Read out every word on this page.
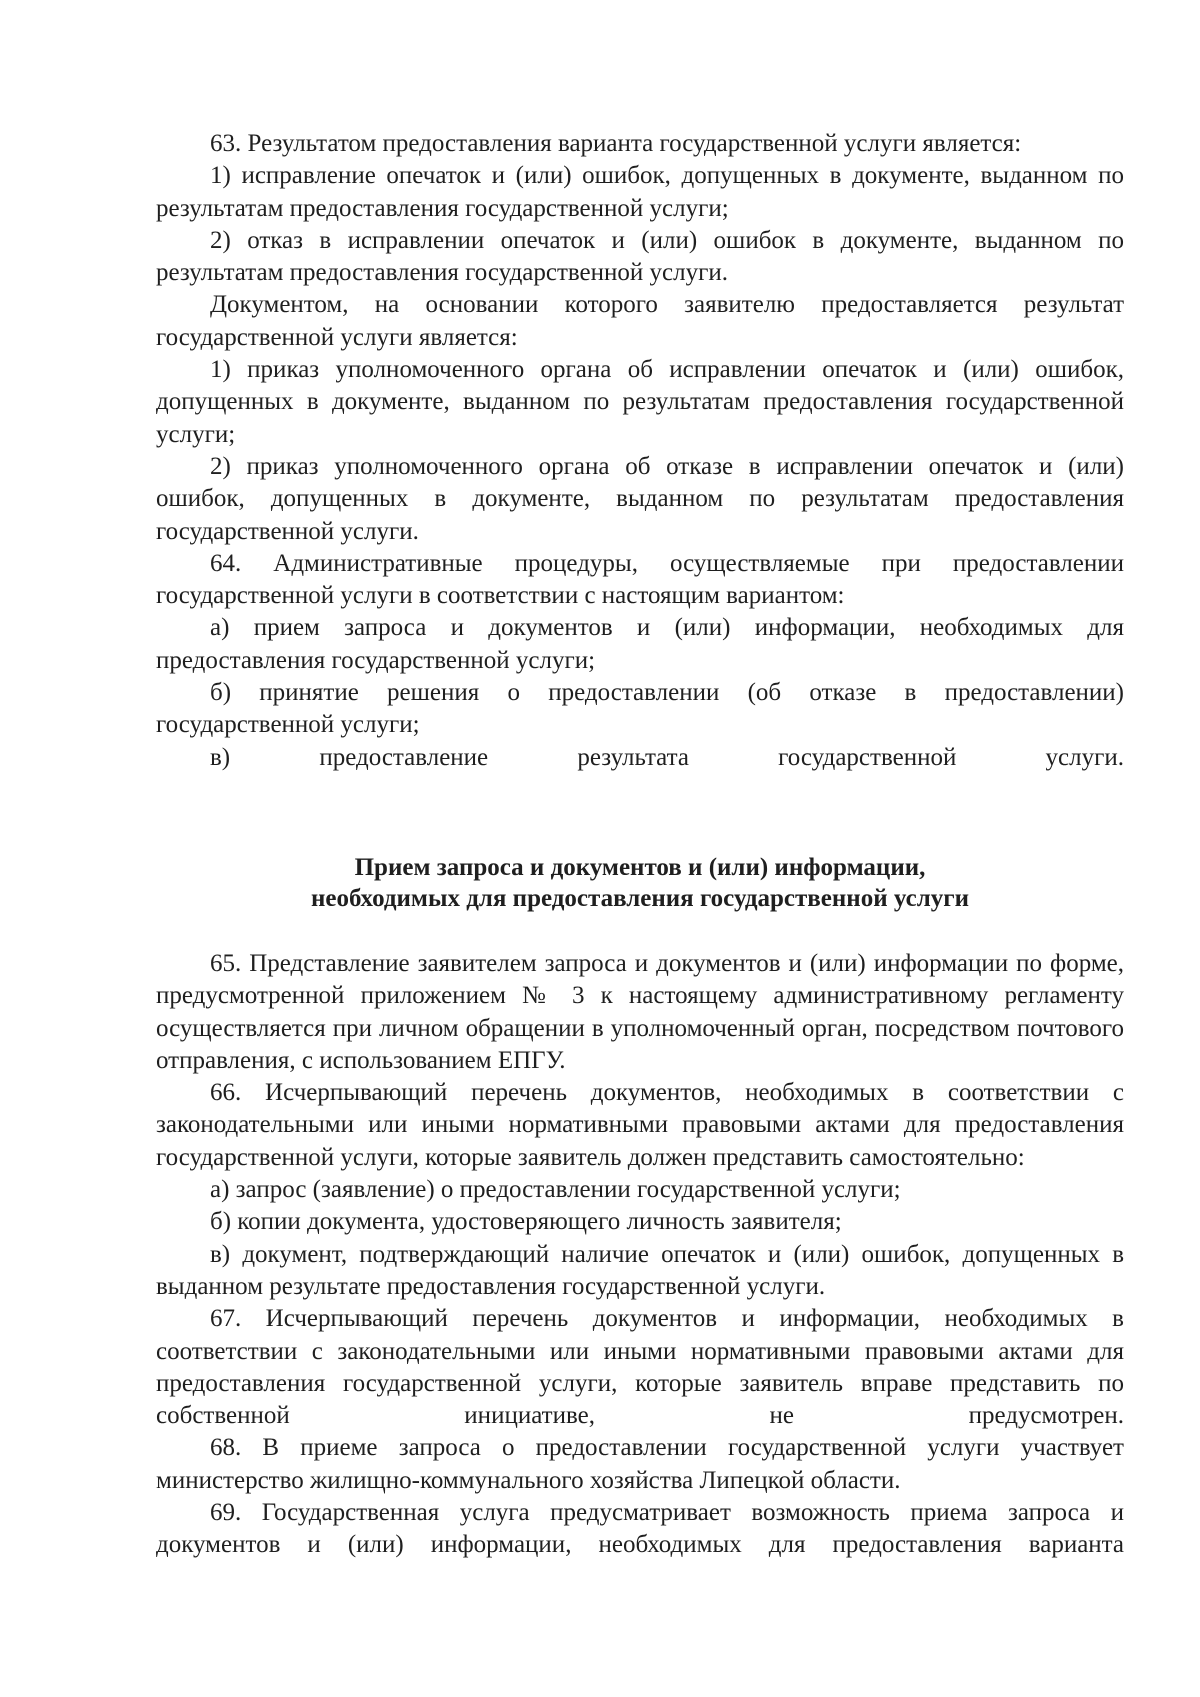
63. Результатом предоставления варианта государственной услуги является:

1) исправление опечаток и (или) ошибок, допущенных в документе, выданном по результатам предоставления государственной услуги;

2) отказ в исправлении опечаток и (или) ошибок в документе, выданном по результатам предоставления государственной услуги.

Документом, на основании которого заявителю предоставляется результат государственной услуги является:

1) приказ уполномоченного органа об исправлении опечаток и (или) ошибок, допущенных в документе, выданном по результатам предоставления государственной услуги;

2) приказ уполномоченного органа об отказе в исправлении опечаток и (или) ошибок, допущенных в документе, выданном по результатам предоставления государственной услуги.

64. Административные процедуры, осуществляемые при предоставлении государственной услуги в соответствии с настоящим вариантом:

а) прием запроса и документов и (или) информации, необходимых для предоставления государственной услуги;

б) принятие решения о предоставлении (об отказе в предоставлении) государственной услуги;

в) предоставление результата государственной услуги.

Прием запроса и документов и (или) информации,
необходимых для предоставления государственной услуги

65. Представление заявителем запроса и документов и (или) информации по форме, предусмотренной приложением № 3 к настоящему административному регламенту осуществляется при личном обращении в уполномоченный орган, посредством почтового отправления, с использованием ЕПГУ.

66. Исчерпывающий перечень документов, необходимых в соответствии с законодательными или иными нормативными правовыми актами для предоставления государственной услуги, которые заявитель должен представить самостоятельно:

а) запрос (заявление) о предоставлении государственной услуги;

б) копии документа, удостоверяющего личность заявителя;

в) документ, подтверждающий наличие опечаток и (или) ошибок, допущенных в выданном результате предоставления государственной услуги.

67. Исчерпывающий перечень документов и информации, необходимых в соответствии с законодательными или иными нормативными правовыми актами для предоставления государственной услуги, которые заявитель вправе представить по собственной инициативе, не предусмотрен.

68. В приеме запроса о предоставлении государственной услуги участвует министерство жилищно-коммунального хозяйства Липецкой области.

69. Государственная услуга предусматривает возможность приема запроса и документов и (или) информации, необходимых для предоставления варианта
